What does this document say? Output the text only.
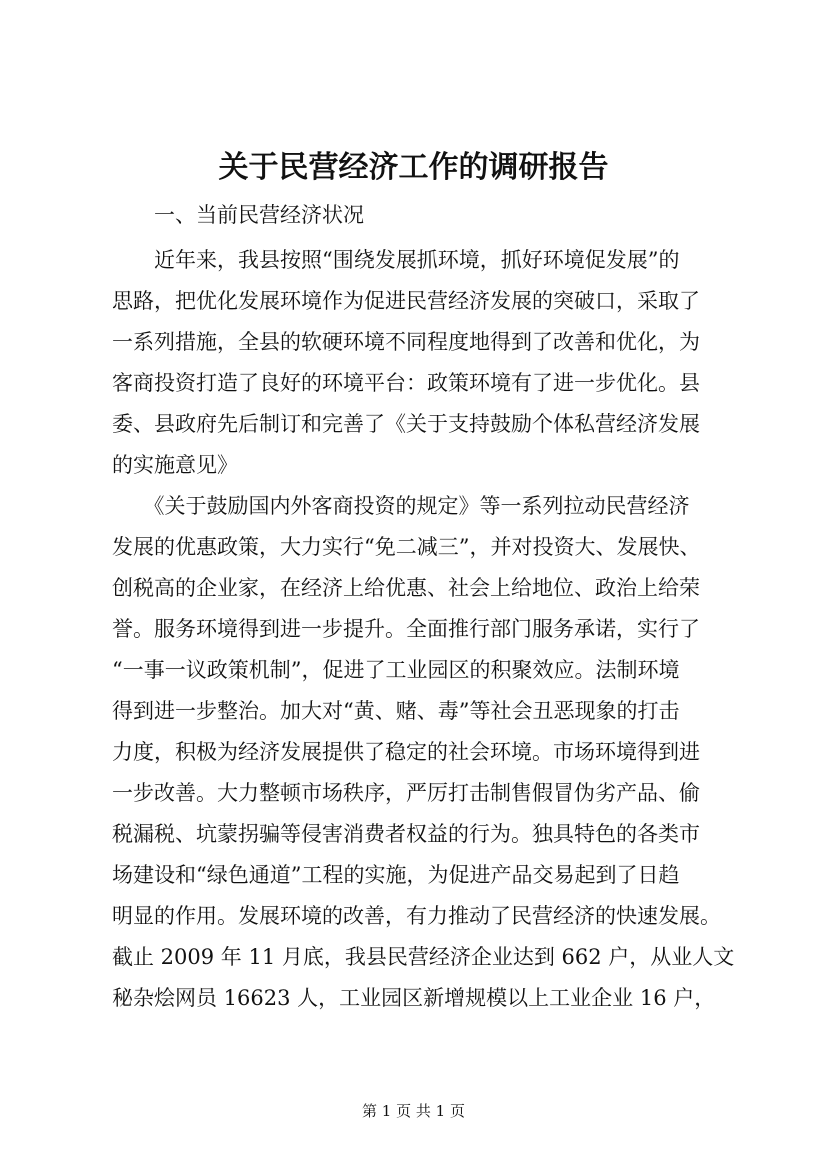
关于民营经济工作的调研报告
　　一、当前民营经济状况
　　近年来，我县按照“围绕发展抓环境，抓好环境促发展”的
思路，把优化发展环境作为促进民营经济发展的突破口，采取了
一系列措施，全县的软硬环境不同程度地得到了改善和优化，为
客商投资打造了良好的环境平台：政策环境有了进一步优化。县
委、县政府先后制订和完善了《关于支持鼓励个体私营经济发展
的实施意见》
　　《关于鼓励国内外客商投资的规定》等一系列拉动民营经济
发展的优惠政策，大力实行“免二减三”，并对投资大、发展快、
创税高的企业家，在经济上给优惠、社会上给地位、政治上给荣
誉。服务环境得到进一步提升。全面推行部门服务承诺，实行了
“一事一议政策机制”，促进了工业园区的积聚效应。法制环境
得到进一步整治。加大对“黄、赌、毒”等社会丑恶现象的打击
力度，积极为经济发展提供了稳定的社会环境。市场环境得到进
一步改善。大力整顿市场秩序，严厉打击制售假冒伪劣产品、偷
税漏税、坑蒙拐骗等侵害消费者权益的行为。独具特色的各类市
场建设和“绿色通道”工程的实施，为促进产品交易起到了日趋
明显的作用。发展环境的改善，有力推动了民营经济的快速发展。
截止 2009 年 11 月底，我县民营经济企业达到 662 户，从业人文
秘杂烩网员 16623 人，工业园区新增规模以上工业企业 16 户，
第 1 页 共 1 页
